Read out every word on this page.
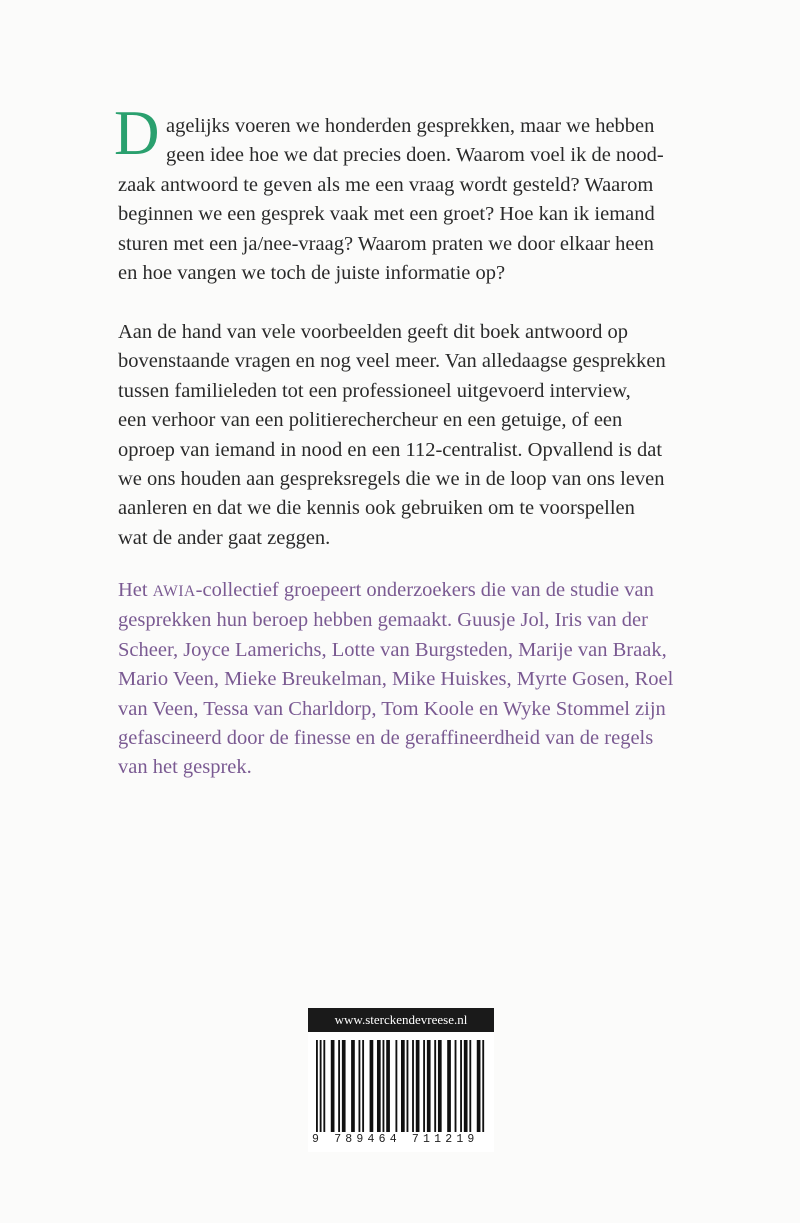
D agelijks voeren we honderden gesprekken, maar we hebben
geen idee hoe we dat precies doen. Waarom voel ik de nood-
zaak antwoord te geven als me een vraag wordt gesteld? Waarom
beginnen we een gesprek vaak met een groet? Hoe kan ik iemand
sturen met een ja/nee-vraag? Waarom praten we door elkaar heen
en hoe vangen we toch de juiste informatie op?
Aan de hand van vele voorbeelden geeft dit boek antwoord op
bovenstaande vragen en nog veel meer. Van alledaagse gesprekken
tussen familieleden tot een professioneel uitgevoerd interview,
een verhoor van een politierechercheur en een getuige, of een
oproep van iemand in nood en een 112-centralist. Opvallend is dat
we ons houden aan gespreksregels die we in de loop van ons leven
aanleren en dat we die kennis ook gebruiken om te voorspellen
wat de ander gaat zeggen.
Het AWIA-collectief groepeert onderzoekers die van de studie van
gesprekken hun beroep hebben gemaakt. Guusje Jol, Iris van der
Scheer, Joyce Lamerichs, Lotte van Burgsteden, Marije van Braak,
Mario Veen, Mieke Breukelman, Mike Huiskes, Myrte Gosen, Roel
van Veen, Tessa van Charldorp, Tom Koole en Wyke Stommel zijn
gefascineerd door de finesse en de geraffineerdheid van de regels
van het gesprek.
www.sterckendevreese.nl
9 789464 711219
